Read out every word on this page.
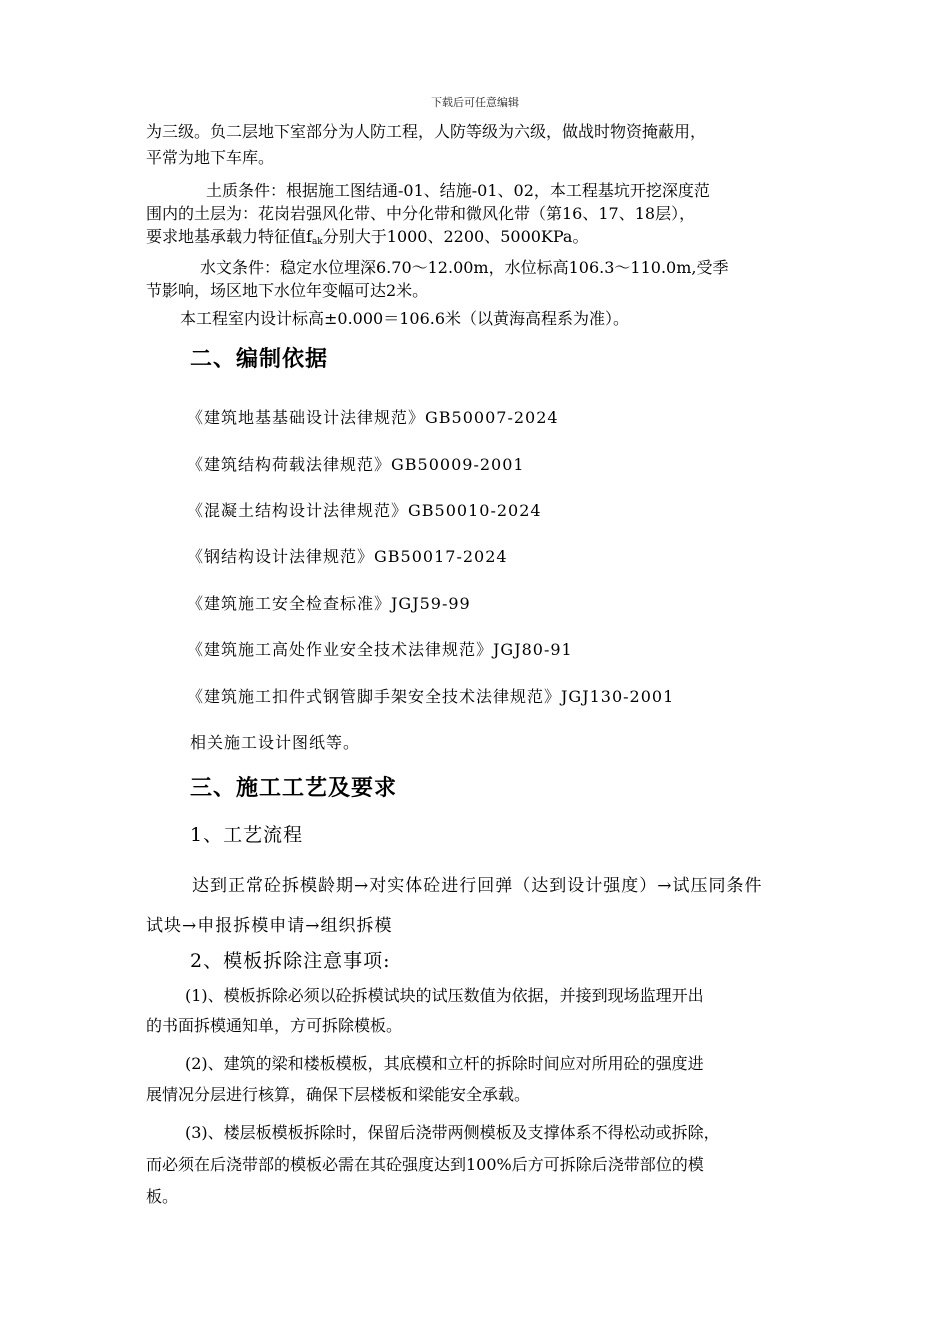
下载后可任意编辑
为三级。负二层地下室部分为人防工程，人防等级为六级，做战时物资掩蔽用，
平常为地下车库。
土质条件：根据施工图结通-01、结施-01、02，本工程基坑开挖深度范
围内的土层为：花岗岩强风化带、中分化带和微风化带（第16、17、18层），
要求地基承载力特征值$f_{ak}$分别大于1000、2200、5000KPa。
水文条件：稳定水位埋深6.70～12.00m，水位标高106.3～110.0m,受季
节影响，场区地下水位年变幅可达2米。
本工程室内设计标高±0.000＝106.6米（以黄海高程系为准）。
二、编制依据
《建筑地基基础设计法律规范》GB50007-2024
《建筑结构荷载法律规范》GB50009-2001
《混凝土结构设计法律规范》GB50010-2024
《钢结构设计法律规范》GB50017-2024
《建筑施工安全检查标准》JGJ59-99
《建筑施工高处作业安全技术法律规范》JGJ80-91
《建筑施工扣件式钢管脚手架安全技术法律规范》JGJ130-2001
相关施工设计图纸等。
三、施工工艺及要求
1、工艺流程
达到正常砼拆模龄期→对实体砼进行回弹（达到设计强度）→试压同条件
试块→申报拆模申请→组织拆模
2、模板拆除注意事项:
(1)、模板拆除必须以砼拆模试块的试压数值为依据，并接到现场监理开出
的书面拆模通知单，方可拆除模板。
(2)、建筑的梁和楼板模板，其底模和立杆的拆除时间应对所用砼的强度进
展情况分层进行核算，确保下层楼板和梁能安全承载。
(3)、楼层板模板拆除时，保留后浇带两侧模板及支撑体系不得松动或拆除，
而必须在后浇带部的模板必需在其砼强度达到100%后方可拆除后浇带部位的模
板。
